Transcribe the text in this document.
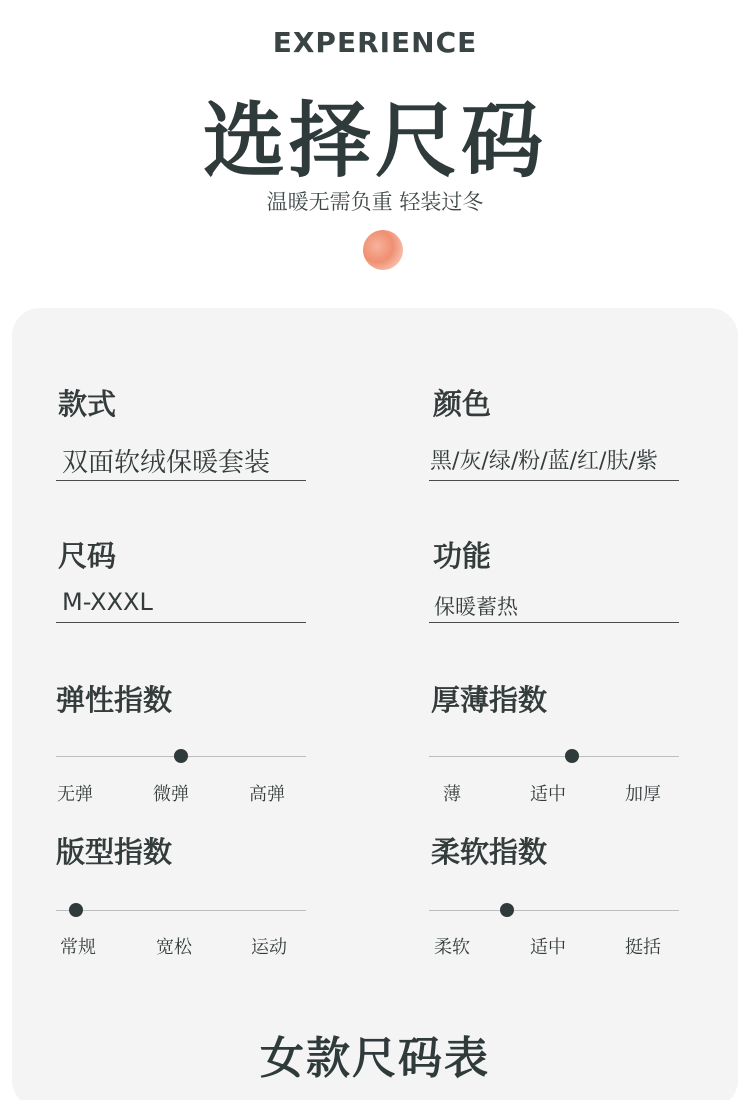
EXPERIENCE
选择尺码
温暖无需负重 轻装过冬
款式
双面软绒保暖套装
颜色
黑/灰/绿/粉/蓝/红/肤/紫
尺码
M-XXXL
功能
保暖蓄热
弹性指数
无弹	微弹	高弹
厚薄指数
薄	适中	加厚
版型指数
常规	宽松	运动
柔软指数
柔软	适中	挺括
女款尺码表
